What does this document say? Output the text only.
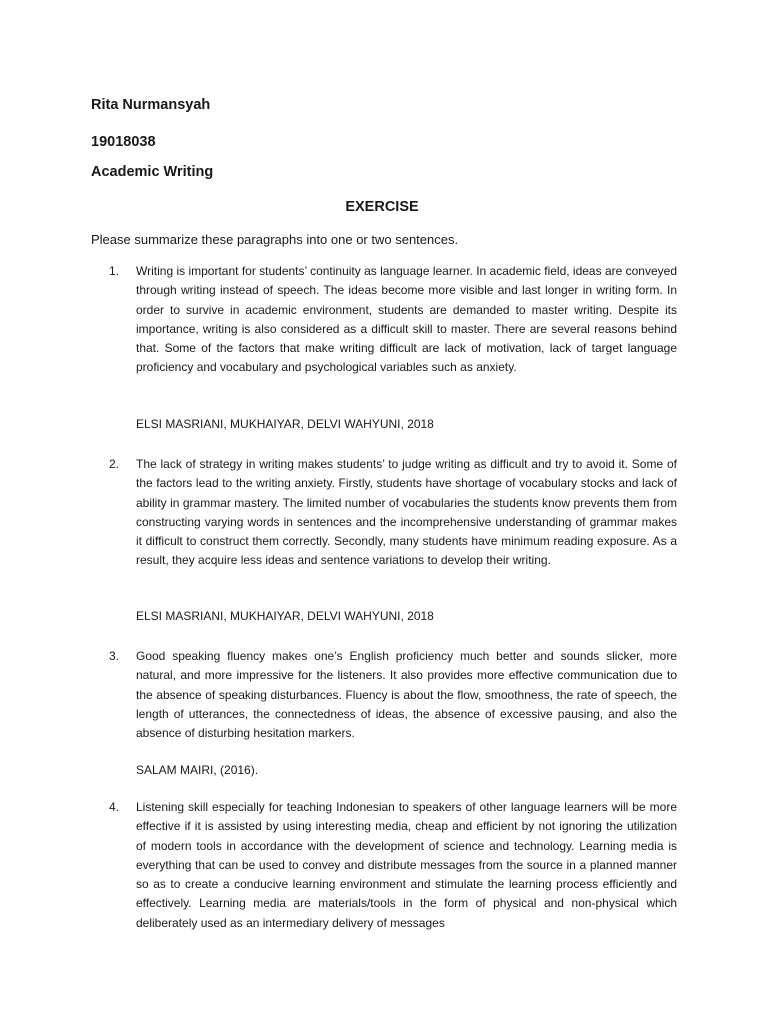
Rita Nurmansyah

19018038

Academic Writing

EXERCISE

Please summarize these paragraphs into one or two sentences.

1. Writing is important for students’ continuity as language learner. In academic field, ideas are conveyed through writing instead of speech. The ideas become more visible and last longer in writing form. In order to survive in academic environment, students are demanded to master writing. Despite its importance, writing is also considered as a difficult skill to master. There are several reasons behind that. Some of the factors that make writing difficult are lack of motivation, lack of target language proficiency and vocabulary and psychological variables such as anxiety.

ELSI MASRIANI, MUKHAIYAR, DELVI WAHYUNI, 2018

2. The lack of strategy in writing makes students’ to judge writing as difficult and try to avoid it. Some of the factors lead to the writing anxiety. Firstly, students have shortage of vocabulary stocks and lack of ability in grammar mastery. The limited number of vocabularies the students know prevents them from constructing varying words in sentences and the incomprehensive understanding of grammar makes it difficult to construct them correctly. Secondly, many students have minimum reading exposure. As a result, they acquire less ideas and sentence variations to develop their writing.

ELSI MASRIANI, MUKHAIYAR, DELVI WAHYUNI, 2018

3. Good speaking fluency makes one’s English proficiency much better and sounds slicker, more natural, and more impressive for the listeners. It also provides more effective communication due to the absence of speaking disturbances. Fluency is about the flow, smoothness, the rate of speech, the length of utterances, the connectedness of ideas, the absence of excessive pausing, and also the absence of disturbing hesitation markers.

SALAM MAIRI, (2016).

4. Listening skill especially for teaching Indonesian to speakers of other language learners will be more effective if it is assisted by using interesting media, cheap and efficient by not ignoring the utilization of modern tools in accordance with the development of science and technology. Learning media is everything that can be used to convey and distribute messages from the source in a planned manner so as to create a conducive learning environment and stimulate the learning process efficiently and effectively. Learning media are materials/tools in the form of physical and non-physical which deliberately used as an intermediary delivery of messages
